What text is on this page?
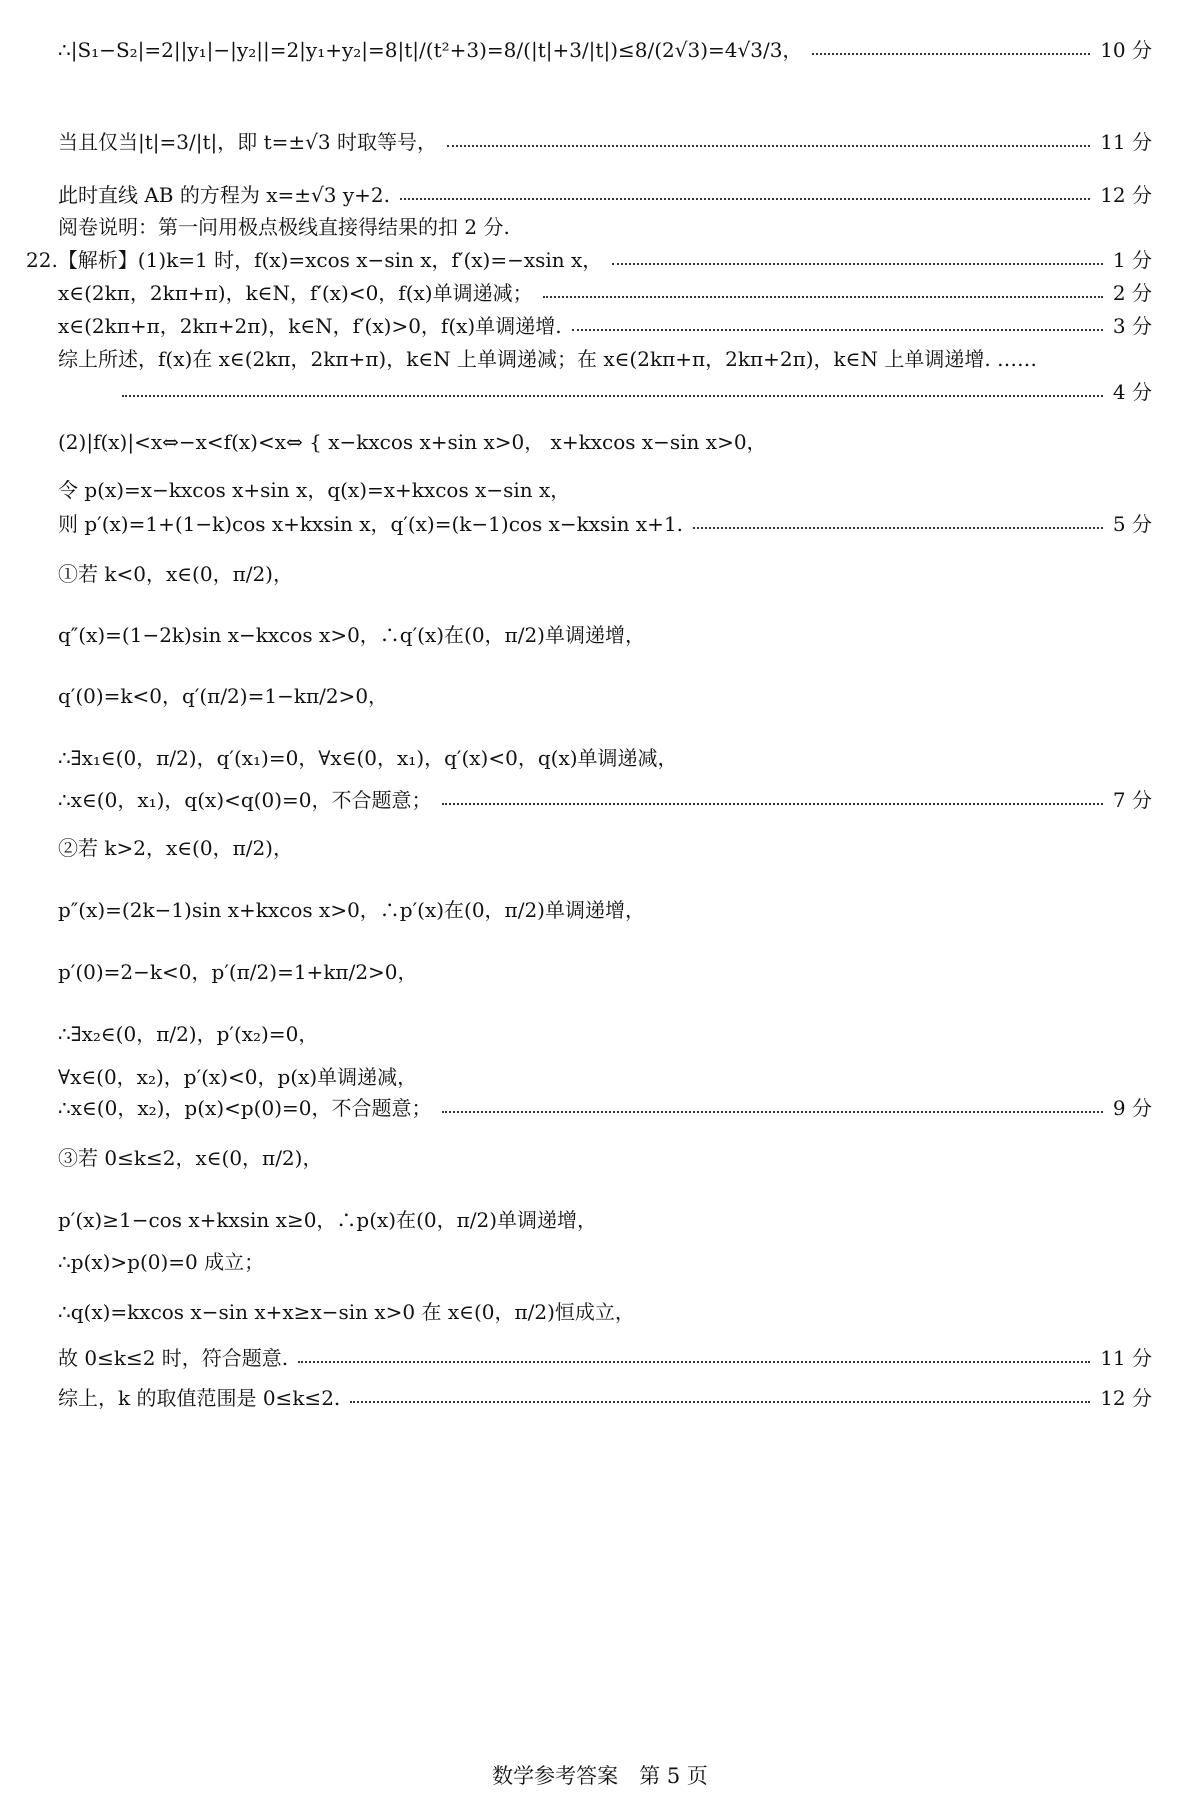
∴|S₁−S₂|=2||y₁|−|y₂||=2|y₁+y₂|=8|t|/(t²+3)=8/(|t|+3/|t|)≤8/(2√3)=4√3/3，	10 分
当且仅当|t|=3/|t|，即 t=±√3 时取等号，	11 分
此时直线 AB 的方程为 x=±√3 y+2.	12 分
阅卷说明：第一问用极点极线直接得结果的扣 2 分.
22.【解析】(1)k=1 时，f(x)=xcos x−sin x，f′(x)=−xsin x，	1 分
x∈(2kπ，2kπ+π)，k∈N，f′(x)<0，f(x)单调递减；	2 分
x∈(2kπ+π，2kπ+2π)，k∈N，f′(x)>0，f(x)单调递增.	3 分
综上所述，f(x)在 x∈(2kπ，2kπ+π)，k∈N 上单调递减；在 x∈(2kπ+π，2kπ+2π)，k∈N 上单调递增. ……
4 分
(2)|f(x)|<x⇔−x<f(x)<x⇔ { x−kxcos x+sin x>0， x+kxcos x−sin x>0，
令 p(x)=x−kxcos x+sin x，q(x)=x+kxcos x−sin x，
则 p′(x)=1+(1−k)cos x+kxsin x，q′(x)=(k−1)cos x−kxsin x+1.	5 分
①若 k<0，x∈(0，π/2)，
q″(x)=(1−2k)sin x−kxcos x>0，∴q′(x)在(0，π/2)单调递增，
q′(0)=k<0，q′(π/2)=1−kπ/2>0，
∴∃x₁∈(0，π/2)，q′(x₁)=0，∀x∈(0，x₁)，q′(x)<0，q(x)单调递减，
∴x∈(0，x₁)，q(x)<q(0)=0，不合题意；	7 分
②若 k>2，x∈(0，π/2)，
p″(x)=(2k−1)sin x+kxcos x>0，∴p′(x)在(0，π/2)单调递增，
p′(0)=2−k<0，p′(π/2)=1+kπ/2>0，
∴∃x₂∈(0，π/2)，p′(x₂)=0，
∀x∈(0，x₂)，p′(x)<0，p(x)单调递减，
∴x∈(0，x₂)，p(x)<p(0)=0，不合题意；	9 分
③若 0≤k≤2，x∈(0，π/2)，
p′(x)≥1−cos x+kxsin x≥0，∴p(x)在(0，π/2)单调递增，
∴p(x)>p(0)=0 成立；
∴q(x)=kxcos x−sin x+x≥x−sin x>0 在 x∈(0，π/2)恒成立，
故 0≤k≤2 时，符合题意.	11 分
综上，k 的取值范围是 0≤k≤2.	12 分
数学参考答案　第 5 页
